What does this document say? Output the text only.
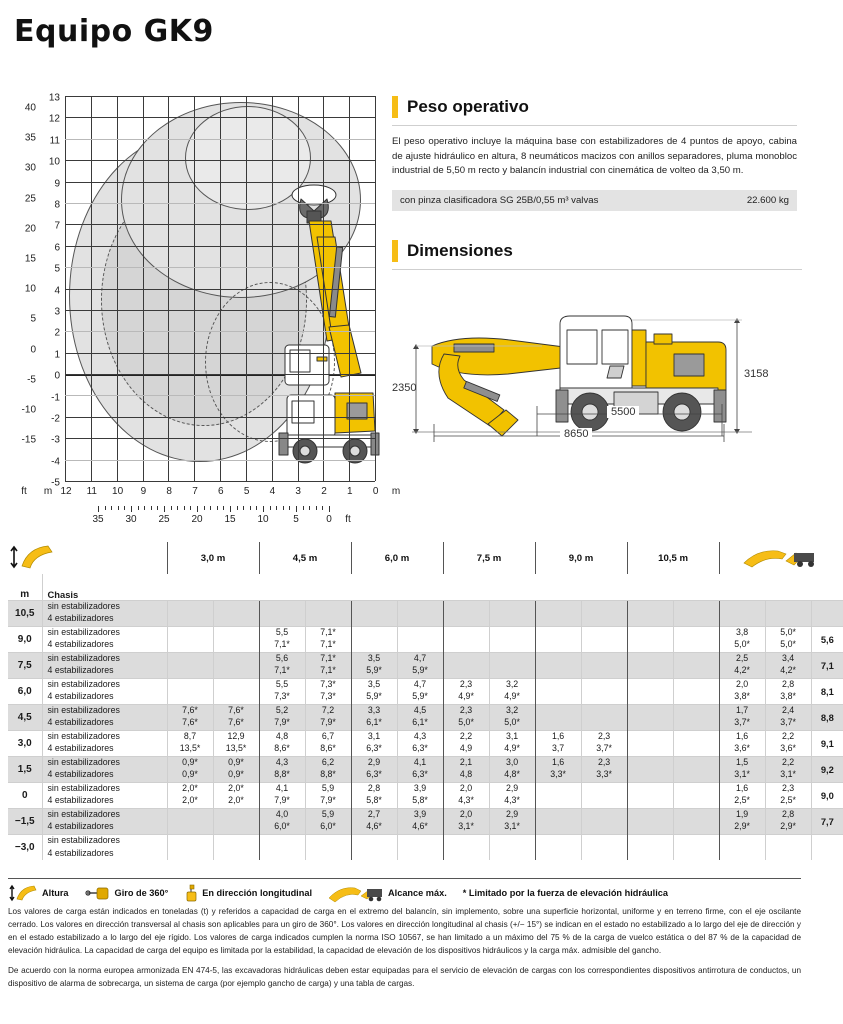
Equipo GK9
40
35
30
25
20
15
10
5
0
-5
-10
-15
13
12
11
10
9
8
7
6
5
4
3
2
1
0
-1
-2
-3
-4
-5
12 11 10 9 8 7 6 5 4 3 2 1 0
m	m
ft
35 30 25 20 15 10 5	0 ft
Peso operativo
El peso operativo incluye la máquina base con estabilizadores de 4 puntos de apoyo, cabina de ajuste hidráulico en altura, 8 neumáticos macizos con anillos separadores, pluma monobloc industrial de 5,50 m recto y balancín industrial con cinemática de volteo da 3,50 m.
con pinza clasificadora SG 25B/0,55 m³ valvas	22.600 kg
Dimensiones
3158
2350
5500
8650
	3,0 m		4,5 m		6,0 m		7,5 m		9,0 m		10,5 m	
m	Chasis															
10,5	sin estabilizadores															
	4 estabilizadores															
9,0	sin estabilizadores			5,5	7,1*									3,8	5,0*	5,6
	4 estabilizadores			7,1*	7,1*									5,0*	5,0*	
7,5	sin estabilizadores			5,6	7,1*	3,5	4,7							2,5	3,4	7,1
	4 estabilizadores			7,1*	7,1*	5,9*	5,9*							4,2*	4,2*	
6,0	sin estabilizadores			5,5	7,3*	3,5	4,7	2,3	3,2					2,0	2,8	8,1
	4 estabilizadores			7,3*	7,3*	5,9*	5,9*	4,9*	4,9*					3,8*	3,8*	
4,5	sin estabilizadores	7,6*	7,6*	5,2	7,2	3,3	4,5	2,3	3,2					1,7	2,4	8,8
	4 estabilizadores	7,6*	7,6*	7,9*	7,9*	6,1*	6,1*	5,0*	5,0*					3,7*	3,7*	
3,0	sin estabilizadores	8,7	12,9	4,8	6,7	3,1	4,3	2,2	3,1	1,6	2,3			1,6	2,2	9,1
	4 estabilizadores	13,5*	13,5*	8,6*	8,6*	6,3*	6,3*	4,9	4,9*	3,7	3,7*			3,6*	3,6*	
1,5	sin estabilizadores	0,9*	0,9*	4,3	6,2	2,9	4,1	2,1	3,0	1,6	2,3			1,5	2,2	9,2
	4 estabilizadores	0,9*	0,9*	8,8*	8,8*	6,3*	6,3*	4,8	4,8*	3,3*	3,3*			3,1*	3,1*	
0	sin estabilizadores	2,0*	2,0*	4,1	5,9	2,8	3,9	2,0	2,9					1,6	2,3	9,0
	4 estabilizadores	2,0*	2,0*	7,9*	7,9*	5,8*	5,8*	4,3*	4,3*					2,5*	2,5*	
−1,5	sin estabilizadores			4,0	5,9	2,7	3,9	2,0	2,9					1,9	2,8	7,7
	4 estabilizadores			6,0*	6,0*	4,6*	4,6*	3,1*	3,1*					2,9*	2,9*	
−3,0	sin estabilizadores															
	4 estabilizadores															
Altura	Giro de 360°	En dirección longitudinal	Alcance máx. * Limitado por la fuerza de elevación hidráulica

Los valores de carga están indicados en toneladas (t) y referidos a capacidad de carga en el extremo del balancín, sin implemento, sobre una superficie horizontal, uniforme y en terreno firme, con el eje oscilante cerrado. Los valores en dirección transversal al chasis son aplicables para un giro de 360°. Los valores en dirección longitudinal al chasis (+/− 15°) se indican en el estado no estabilizado a lo largo del eje de dirección y en el estado estabilizado a lo largo del eje rígido. Los valores de carga indicados cumplen la norma ISO 10567, se han limitado a un máximo del 75 % de la carga de vuelco estática o del 87 % de la capacidad de elevación hidráulica. La capacidad de carga del equipo es limitada por la estabilidad, la capacidad de elevación de los dispositivos hidráulicos y la carga máx. admisible del gancho.

De acuerdo con la norma europea armonizada EN 474-5, las excavadoras hidráulicas deben estar equipadas para el servicio de elevación de cargas con los correspondientes dispositivos antirrotura de conductos, un dispositivo de alarma de sobrecarga, un sistema de carga (por ejemplo gancho de carga) y una tabla de cargas.
